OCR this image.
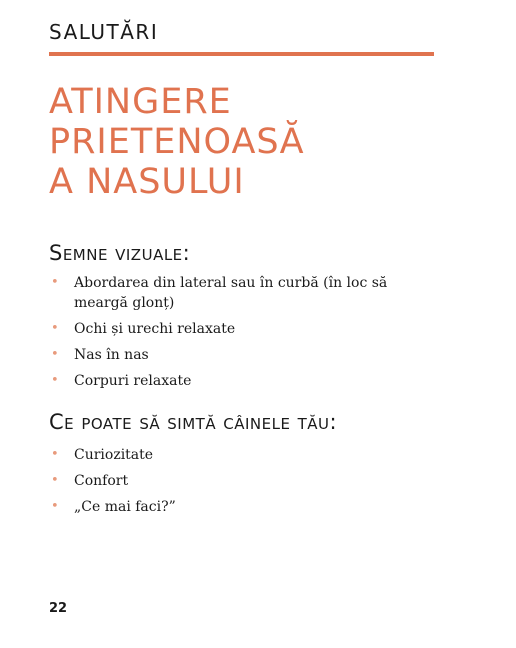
SALUTĂRI
ATINGERE
PRIETENOASĂ
A NASULUI
Semne vizuale:
• Abordarea din lateral sau în curbă (în loc să meargă glonț)
• Ochi și urechi relaxate
• Nas în nas
• Corpuri relaxate
Ce poate să simtă câinele tău:
• Curiozitate
• Confort
• „Ce mai faci?”
22
